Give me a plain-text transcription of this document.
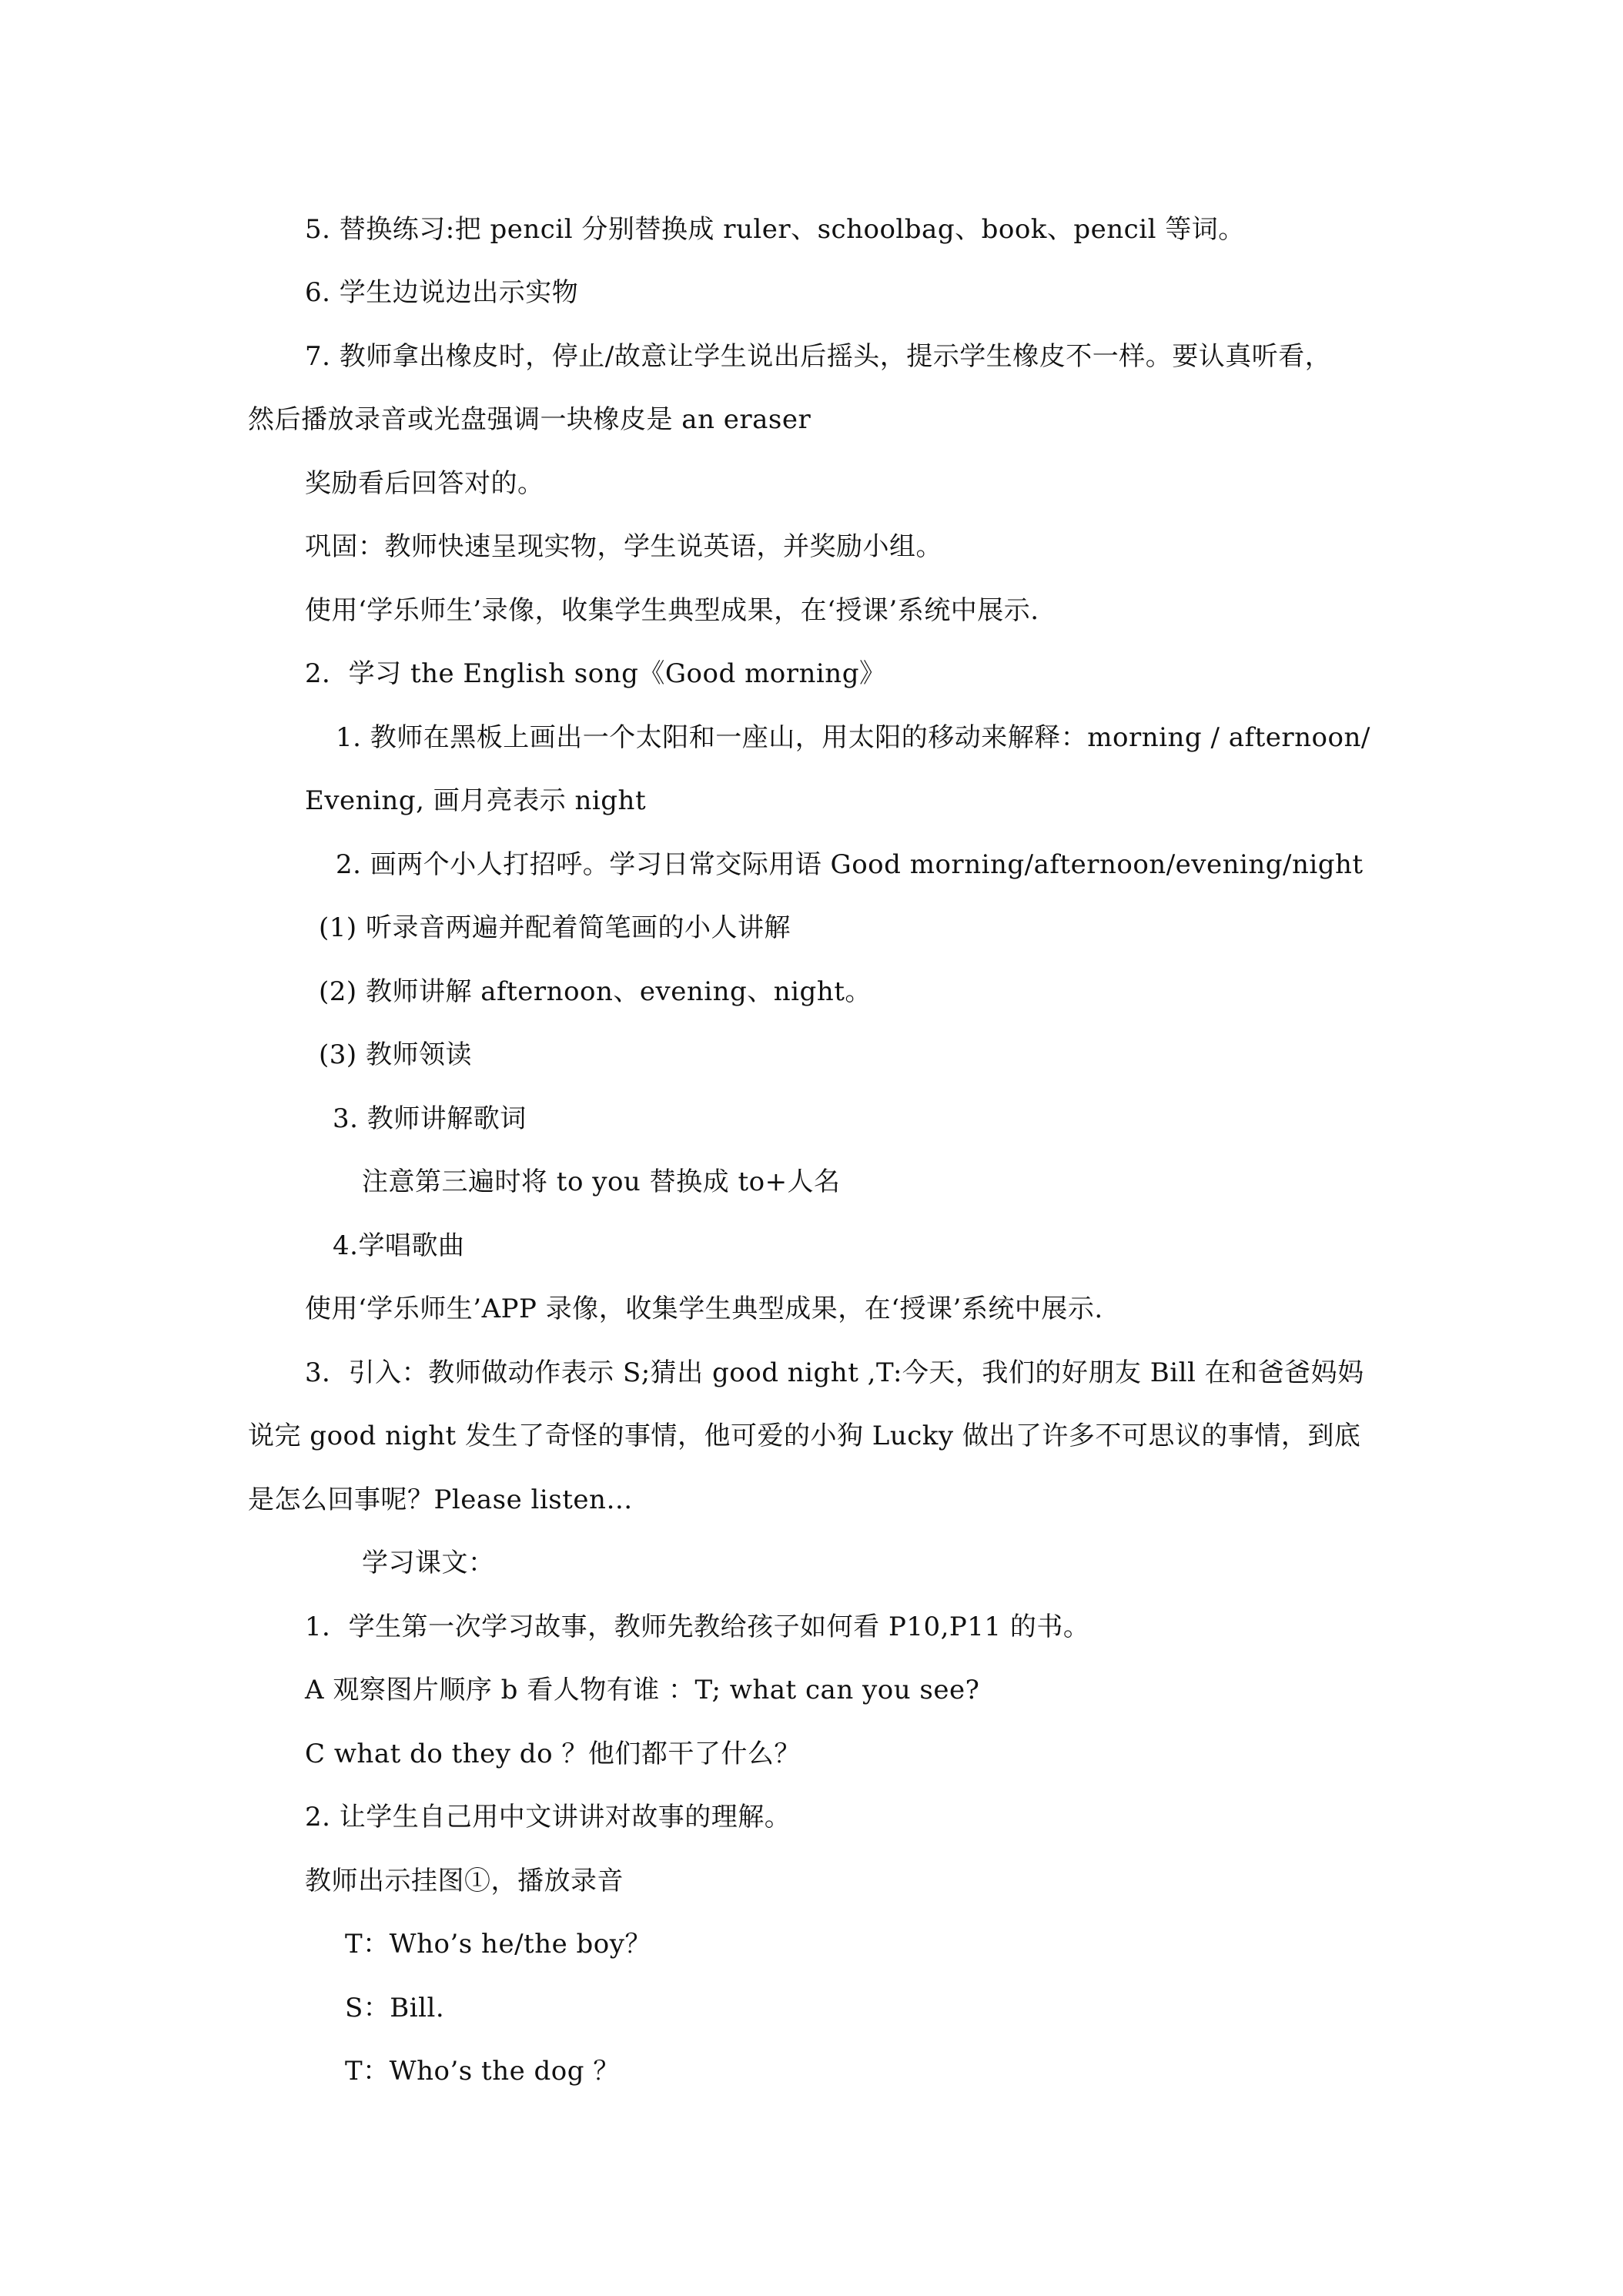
5. 替换练习:把 pencil 分别替换成 ruler、schoolbag、book、pencil 等词。
6. 学生边说边出示实物
7. 教师拿出橡皮时，停止/故意让学生说出后摇头，提示学生橡皮不一样。要认真听看，
然后播放录音或光盘强调一块橡皮是 an eraser
奖励看后回答对的。
巩固：教师快速呈现实物，学生说英语，并奖励小组。
使用‘学乐师生’录像，收集学生典型成果，在‘授课’系统中展示.
2．学习 the English song《Good morning》
1. 教师在黑板上画出一个太阳和一座山，用太阳的移动来解释：morning / afternoon/
Evening, 画月亮表示 night
2. 画两个小人打招呼。学习日常交际用语 Good morning/afternoon/evening/night
(1) 听录音两遍并配着简笔画的小人讲解
(2) 教师讲解 afternoon、evening、night。
(3) 教师领读
3. 教师讲解歌词
注意第三遍时将 to you 替换成 to+人名
4.学唱歌曲
使用‘学乐师生’APP 录像，收集学生典型成果，在‘授课’系统中展示.
3．引入：教师做动作表示 S;猜出 good night ,T:今天，我们的好朋友 Bill 在和爸爸妈妈
说完 good night 发生了奇怪的事情，他可爱的小狗 Lucky 做出了许多不可思议的事情，到底
是怎么回事呢？Please listen…
学习课文：
1．学生第一次学习故事，教师先教给孩子如何看 P10,P11 的书。
A 观察图片顺序 b 看人物有谁 ：T; what can you see?
C what do they do ？他们都干了什么？
2. 让学生自己用中文讲讲对故事的理解。
教师出示挂图①，播放录音
T：Who’s he/the boy？
S：Bill.
T：Who’s the dog ？
